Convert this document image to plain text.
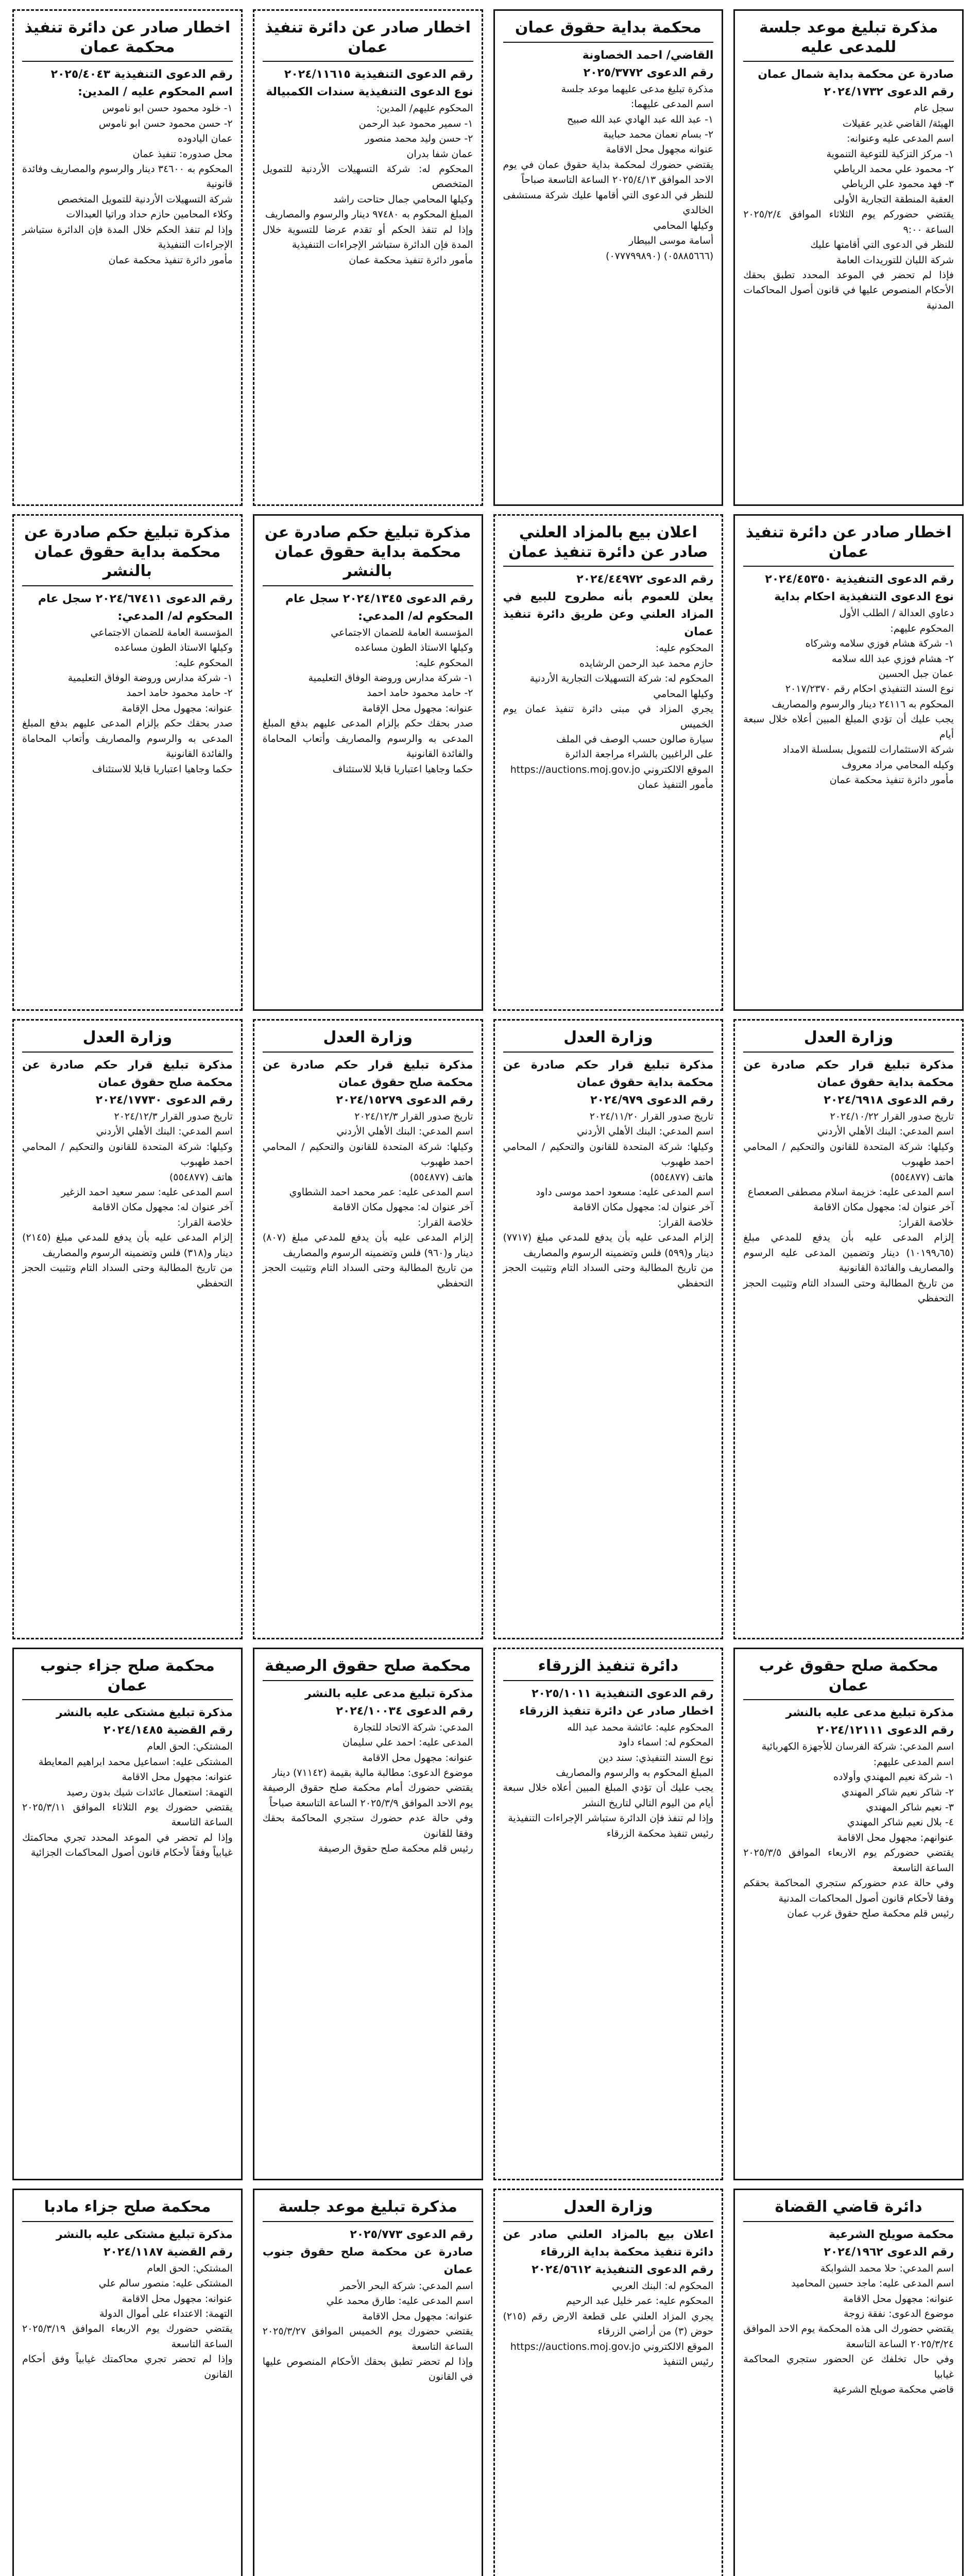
مذكرة تبليغ موعد جلسة للمدعى عليه

صادرة عن محكمة بداية شمال عمان

رقم الدعوى ٢٠٢٤/١٧٣٢

سجل عام

الهيئة/ القاضي غدير عقيلات

اسم المدعى عليه وعنوانه:

١- مركز التزكية للتوعية التنموية

٢- محمود علي محمد الرياطي

٣- فهد محمود علي الرياطي

العقبة المنطقة التجارية الأولى

يقتضي حضوركم يوم الثلاثاء الموافق ٢٠٢٥/٢/٤ الساعة ٩:٠٠

للنظر في الدعوى التي أقامتها عليك

شركة اللبان للتوريدات العامة

فإذا لم تحضر في الموعد المحدد تطبق بحقك الأحكام المنصوص عليها في قانون أصول المحاكمات المدنية

محكمة بداية حقوق عمان

القاضي/ احمد الخصاونة

رقم الدعوى ٢٠٢٥/٣٧٧٢

مذكرة تبليغ مدعى عليهما موعد جلسة

اسم المدعى عليهما:

١- عبد الله عبد الهادي عبد الله صبيح

٢- بسام نعمان محمد حبايبة

عنوانه مجهول محل الاقامة

يقتضي حضورك لمحكمة بداية حقوق عمان في يوم الاحد الموافق ٢٠٢٥/٤/١٣ الساعة التاسعة صباحاً

للنظر في الدعوى التي أقامها عليك شركة مستشفى الخالدي

وكيلها المحامي

أسامة موسى البيطار

(٠٥٨٨٥٦٦٦) (٠٧٧٧٩٩٨٩٠)

اخطار صادر عن دائرة تنفيذ عمان

رقم الدعوى التنفيذية ٢٠٢٤/١١٦١٥

نوع الدعوى التنفيذية سندات الكمبيالة

المحكوم عليهم/ المدين:

١- سمير محمود عبد الرحمن

٢- حسن وليد محمد منصور

عمان شفا بدران

المحكوم له: شركة التسهيلات الأردنية للتمويل المتخصص

وكيلها المحامي جمال حتاحت راشد

المبلغ المحكوم به ٩٧٤٨٠ دينار والرسوم والمصاريف

وإذا لم تنفذ الحكم أو تقدم عرضا للتسوية خلال المدة فإن الدائرة ستباشر الإجراءات التنفيذية

مأمور دائرة تنفيذ محكمة عمان

اخطار صادر عن دائرة تنفيذ محكمة عمان

رقم الدعوى التنفيذية ٢٠٢٥/٤٠٤٣

اسم المحكوم عليه / المدين:

١- خلود محمود حسن ابو ناموس

٢- حسن محمود حسن ابو ناموس

عمان اليادوده

محل صدوره: تنفيذ عمان

المحكوم به ٣٤٦٠٠ دينار والرسوم والمصاريف وفائدة قانونية

شركة التسهيلات الأردنية للتمويل المتخصص

وكلاء المحامين حازم حداد وراتيا العبدالات

وإذا لم تنفذ الحكم خلال المدة فإن الدائرة ستباشر الإجراءات التنفيذية

مأمور دائرة تنفيذ محكمة عمان

اخطار صادر عن دائرة تنفيذ عمان

رقم الدعوى التنفيذية ٢٠٢٤/٤٥٣٥٠

نوع الدعوى التنفيذية احكام بداية

دعاوي العدالة / الطلب الأول

المحكوم عليهم:

١- شركة هشام فوزي سلامه وشركاه

٢- هشام فوزي عبد الله سلامه

عمان جبل الحسين

نوع السند التنفيذي احكام رقم ٢٠١٧/٢٣٧٠

المحكوم به ٢٤١١٦ دينار والرسوم والمصاريف

يجب عليك أن تؤدي المبلغ المبين أعلاه خلال سبعة أيام

شركة الاستثمارات للتمويل بسلسلة الامداد

وكيله المحامي مراد معروف

مأمور دائرة تنفيذ محكمة عمان

اعلان بيع بالمزاد العلني صادر عن دائرة تنفيذ عمان

رقم الدعوى ٢٠٢٤/٤٤٩٧٢

يعلن للعموم بأنه مطروح للبيع في المزاد العلني وعن طريق دائرة تنفيذ عمان

المحكوم عليه:

حازم محمد عبد الرحمن الرشايده

المحكوم له: شركة التسهيلات التجارية الأردنية

وكيلها المحامي

يجري المزاد في مبنى دائرة تنفيذ عمان يوم الخميس

سيارة صالون حسب الوصف في الملف

على الراغبين بالشراء مراجعة الدائرة

الموقع الالكتروني https://auctions.moj.gov.jo

مأمور التنفيذ عمان

مذكرة تبليغ حكم صادرة عن محكمة بداية حقوق عمان بالنشر

رقم الدعوى ٢٠٢٤/١٣٤٥ سجل عام

المحكوم له/ المدعي:

المؤسسة العامة للضمان الاجتماعي

وكيلها الاستاذ الطون مساعده

المحكوم عليه:

١- شركة مدارس وروضة الوفاق التعليمية

٢- حامد محمود حامد احمد

عنوانه: مجهول محل الإقامة

صدر بحقك حكم بإلزام المدعى عليهم بدفع المبلغ المدعى به والرسوم والمصاريف وأتعاب المحاماة والفائدة القانونية

حكما وجاهيا اعتباريا قابلا للاستئناف

مذكرة تبليغ حكم صادرة عن محكمة بداية حقوق عمان بالنشر

رقم الدعوى ٢٠٢٤/٦٧٤١١ سجل عام

المحكوم له/ المدعي:

المؤسسة العامة للضمان الاجتماعي

وكيلها الاستاذ الطون مساعده

المحكوم عليه:

١- شركة مدارس وروضة الوفاق التعليمية

٢- حامد محمود حامد احمد

عنوانه: مجهول محل الإقامة

صدر بحقك حكم بإلزام المدعى عليهم بدفع المبلغ المدعى به والرسوم والمصاريف وأتعاب المحاماة والفائدة القانونية

حكما وجاهيا اعتباريا قابلا للاستئناف

وزارة العدل

مذكرة تبليغ قرار حكم صادرة عن محكمة بداية حقوق عمان

رقم الدعوى ٢٠٢٤/٦٩١٨

تاريخ صدور القرار ٢٠٢٤/١٠/٢٢

اسم المدعي: البنك الأهلي الأردني

وكيلها: شركة المتحدة للقانون والتحكيم / المحامي احمد طهبوب

هاتف (٥٥٤٨٧٧)

اسم المدعى عليه: خزيمة اسلام مصطفى الصعصاع

آخر عنوان له: مجهول مكان الاقامة

خلاصة القرار:

إلزام المدعى عليه بأن يدفع للمدعي مبلغ (١٠١٩٩٫٦٥) دينار وتضمين المدعى عليه الرسوم والمصاريف والفائدة القانونية

من تاريخ المطالبة وحتى السداد التام وتثبيت الحجز التحفظي

وزارة العدل

مذكرة تبليغ قرار حكم صادرة عن محكمة بداية حقوق عمان

رقم الدعوى ٢٠٢٤/٩٧٩

تاريخ صدور القرار ٢٠٢٤/١١/٢٠

اسم المدعي: البنك الأهلي الأردني

وكيلها: شركة المتحدة للقانون والتحكيم / المحامي احمد طهبوب

هاتف (٥٥٤٨٧٧)

اسم المدعى عليه: مسعود احمد موسى داود

آخر عنوان له: مجهول مكان الاقامة

خلاصة القرار:

إلزام المدعى عليه بأن يدفع للمدعي مبلغ (٧٧١٧) دينار و(٥٩٩) فلس وتضمينه الرسوم والمصاريف

من تاريخ المطالبة وحتى السداد التام وتثبيت الحجز التحفظي

وزارة العدل

مذكرة تبليغ قرار حكم صادرة عن محكمة صلح حقوق عمان

رقم الدعوى ٢٠٢٤/١٥٢٧٩

تاريخ صدور القرار ٢٠٢٤/١٢/٣

اسم المدعي: البنك الأهلي الأردني

وكيلها: شركة المتحدة للقانون والتحكيم / المحامي احمد طهبوب

هاتف (٥٥٤٨٧٧)

اسم المدعى عليه: عمر محمد احمد الشطاوي

آخر عنوان له: مجهول مكان الاقامة

خلاصة القرار:

إلزام المدعى عليه بأن يدفع للمدعي مبلغ (٨٠٧) دينار و(٩٦٠) فلس وتضمينه الرسوم والمصاريف

من تاريخ المطالبة وحتى السداد التام وتثبيت الحجز التحفظي

وزارة العدل

مذكرة تبليغ قرار حكم صادرة عن محكمة صلح حقوق عمان

رقم الدعوى ٢٠٢٤/١٧٧٣٠

تاريخ صدور القرار ٢٠٢٤/١٢/٣

اسم المدعي: البنك الأهلي الأردني

وكيلها: شركة المتحدة للقانون والتحكيم / المحامي احمد طهبوب

هاتف (٥٥٤٨٧٧)

اسم المدعى عليه: سمر سعيد احمد الزغير

آخر عنوان له: مجهول مكان الاقامة

خلاصة القرار:

إلزام المدعى عليه بأن يدفع للمدعي مبلغ (٢١٤٥) دينار و(٣١٨) فلس وتضمينه الرسوم والمصاريف

من تاريخ المطالبة وحتى السداد التام وتثبيت الحجز التحفظي

محكمة صلح حقوق غرب عمان

مذكرة تبليغ مدعى عليه بالنشر

رقم الدعوى ٢٠٢٤/١٢١١١

اسم المدعي: شركة الفرسان للأجهزة الكهربائية

اسم المدعى عليهم:

١- شركة نعيم المهندي وأولاده

٢- شاكر نعيم شاكر المهندي

٣- نعيم شاكر المهندي

٤- بلال نعيم شاكر المهندي

عنوانهم: مجهول محل الاقامة

يقتضي حضوركم يوم الاربعاء الموافق ٢٠٢٥/٣/٥ الساعة التاسعة

وفي حالة عدم حضوركم ستجري المحاكمة بحقكم وفقا لأحكام قانون أصول المحاكمات المدنية

رئيس قلم محكمة صلح حقوق غرب عمان

دائرة تنفيذ الزرقاء

رقم الدعوى التنفيذية ٢٠٢٥/١٠١١

اخطار صادر عن دائرة تنفيذ الزرقاء

المحكوم عليه: عائشة محمد عبد الله

المحكوم له: اسماء داود

نوع السند التنفيذي: سند دين

المبلغ المحكوم به والرسوم والمصاريف

يجب عليك أن تؤدي المبلغ المبين أعلاه خلال سبعة أيام من اليوم التالي لتاريخ النشر

وإذا لم تنفذ فإن الدائرة ستباشر الإجراءات التنفيذية

رئيس تنفيذ محكمة الزرقاء

محكمة صلح حقوق الرصيفة

مذكرة تبليغ مدعى عليه بالنشر

رقم الدعوى ٢٠٢٤/١٠٠٣٤

المدعي: شركة الاتحاد للتجارة

المدعى عليه: احمد علي سليمان

عنوانه: مجهول محل الاقامة

موضوع الدعوى: مطالبة مالية بقيمة (٧١١٤٢) دينار

يقتضي حضورك أمام محكمة صلح حقوق الرصيفة يوم الاحد الموافق ٢٠٢٥/٣/٩ الساعة التاسعة صباحاً

وفي حالة عدم حضورك ستجري المحاكمة بحقك وفقا للقانون

رئيس قلم محكمة صلح حقوق الرصيفة

محكمة صلح جزاء جنوب عمان

مذكرة تبليغ مشتكى عليه بالنشر

رقم القضية ٢٠٢٤/١٤٨٥

المشتكي: الحق العام

المشتكى عليه: اسماعيل محمد ابراهيم المعايطة

عنوانه: مجهول محل الاقامة

التهمة: استعمال عائدات شيك بدون رصيد

يقتضي حضورك يوم الثلاثاء الموافق ٢٠٢٥/٣/١١ الساعة التاسعة

وإذا لم تحضر في الموعد المحدد تجري محاكمتك غيابياً وفقاً لأحكام قانون أصول المحاكمات الجزائية

دائرة قاضي القضاة

محكمة صويلح الشرعية

رقم الدعوى ٢٠٢٤/١٩٦٢

اسم المدعي: حلا محمد الشوابكة

اسم المدعى عليه: ماجد حسين المحاميد

عنوانه: مجهول محل الاقامة

موضوع الدعوى: نفقة زوجة

يقتضي حضورك الى هذه المحكمة يوم الاحد الموافق ٢٠٢٥/٣/٢٤ الساعة التاسعة

وفي حال تخلفك عن الحضور ستجري المحاكمة غيابيا

قاضي محكمة صويلح الشرعية

وزارة العدل

اعلان بيع بالمزاد العلني صادر عن دائرة تنفيذ محكمة بداية الزرقاء

رقم الدعوى التنفيذية ٢٠٢٤/٥٦١٢

المحكوم له: البنك العربي

المحكوم عليه: عمر خليل عبد الرحيم

يجري المزاد العلني على قطعة الارض رقم (٢١٥) حوض (٣) من أراضي الزرقاء

الموقع الالكتروني https://auctions.moj.gov.jo

رئيس التنفيذ

مذكرة تبليغ موعد جلسة

رقم الدعوى ٢٠٢٥/٧٧٣

صادرة عن محكمة صلح حقوق جنوب عمان

اسم المدعي: شركة البحر الأحمر

اسم المدعى عليه: طارق محمد علي

عنوانه: مجهول محل الاقامة

يقتضي حضورك يوم الخميس الموافق ٢٠٢٥/٣/٢٧ الساعة التاسعة

وإذا لم تحضر تطبق بحقك الأحكام المنصوص عليها في القانون

محكمة صلح جزاء مادبا

مذكرة تبليغ مشتكى عليه بالنشر

رقم القضية ٢٠٢٤/١١٨٧

المشتكي: الحق العام

المشتكى عليه: منصور سالم علي

عنوانه: مجهول محل الاقامة

التهمة: الاعتداء على أموال الدولة

يقتضي حضورك يوم الاربعاء الموافق ٢٠٢٥/٣/١٩ الساعة التاسعة

وإذا لم تحضر تجري محاكمتك غيابياً وفق أحكام القانون
